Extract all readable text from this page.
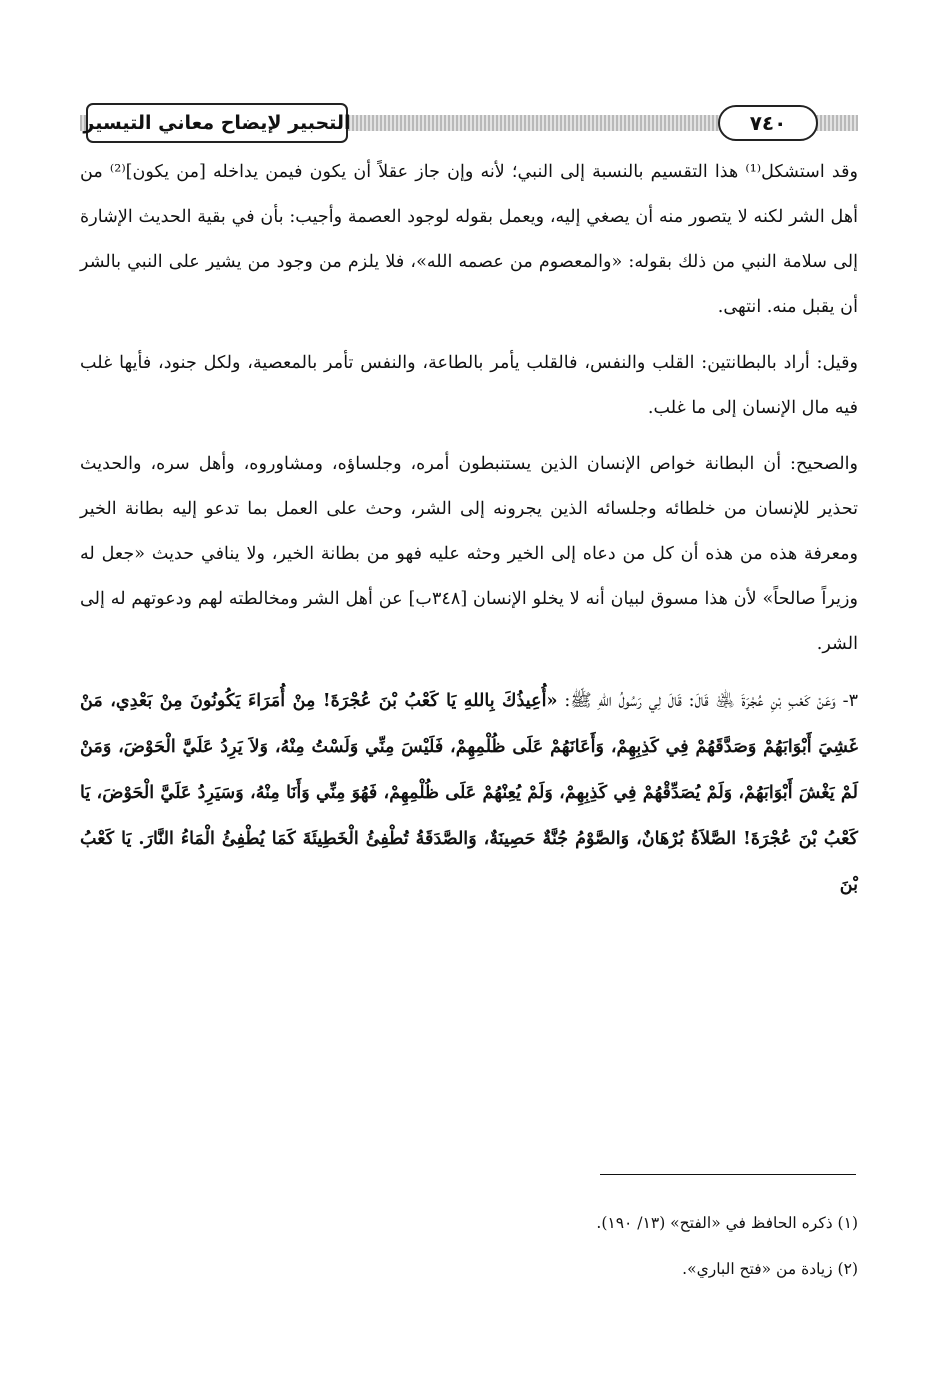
التحبير لإيضاح معاني التيسير	٧٤٠

وقد استشكل⁽¹⁾ هذا التقسيم بالنسبة إلى النبي؛ لأنه وإن جاز عقلاً أن يكون فيمن يداخله [من يكون]⁽²⁾ من أهل الشر لكنه لا يتصور منه أن يصغي إليه، ويعمل بقوله لوجود العصمة وأجيب: بأن في بقية الحديث الإشارة إلى سلامة النبي من ذلك بقوله: «والمعصوم من عصمه الله»، فلا يلزم من وجود من يشير على النبي بالشر أن يقبل منه. انتهى.

وقيل: أراد بالبطانتين: القلب والنفس، فالقلب يأمر بالطاعة، والنفس تأمر بالمعصية، ولكل جنود، فأيها غلب فيه مال الإنسان إلى ما غلب.

والصحيح: أن البطانة خواص الإنسان الذين يستنبطون أمره، وجلساؤه، ومشاوروه، وأهل سره، والحديث تحذير للإنسان من خلطائه وجلسائه الذين يجرونه إلى الشر، وحث على العمل بما تدعو إليه بطانة الخير ومعرفة هذه من هذه أن كل من دعاه إلى الخير وحثه عليه فهو من بطانة الخير، ولا ينافي حديث «جعل له وزيراً صالحاً» لأن هذا مسوق لبيان أنه لا يخلو الإنسان [٣٤٨ب] عن أهل الشر ومخالطته لهم ودعوتهم له إلى الشر.

٣- وَعَنْ كَعْبِ بْنِ عُجْرَةَ ﵁ قَالَ: قَالَ لِي رَسُولُ اللهِ ﷺ: «أُعِيذُكَ بِاللهِ يَا كَعْبُ بْنَ عُجْرَةَ! مِنْ أُمَرَاءَ يَكُونُونَ مِنْ بَعْدِي، مَنْ غَشِيَ أَبْوَابَهُمْ وَصَدَّقَهُمْ فِي كَذِبِهِمْ، وَأَعَانَهُمْ عَلَى ظُلْمِهِمْ، فَلَيْسَ مِنِّي وَلَسْتُ مِنْهُ، وَلاَ يَرِدُ عَلَيَّ الْحَوْضَ، وَمَنْ لَمْ يَغْشَ أَبْوَابَهُمْ، وَلَمْ يُصَدِّقْهُمْ فِي كَذِبِهِمْ، وَلَمْ يُعِنْهُمْ عَلَى ظُلْمِهِمْ، فَهُوَ مِنِّي وَأَنَا مِنْهُ، وَسَيَرِدُ عَلَيَّ الْحَوْضَ، يَا كَعْبُ بْنَ عُجْرَةَ! الصَّلاَةُ بُرْهَانٌ، وَالصَّوْمُ جُنَّةٌ حَصِينَةٌ، وَالصَّدَقَةُ تُطْفِئُ الْخَطِيئَةَ كَمَا يُطْفِئُ الْمَاءُ النَّارَ. يَا كَعْبُ بْنَ

(١) ذكره الحافظ في «الفتح» (١٣/ ١٩٠).

(٢) زيادة من «فتح الباري».
